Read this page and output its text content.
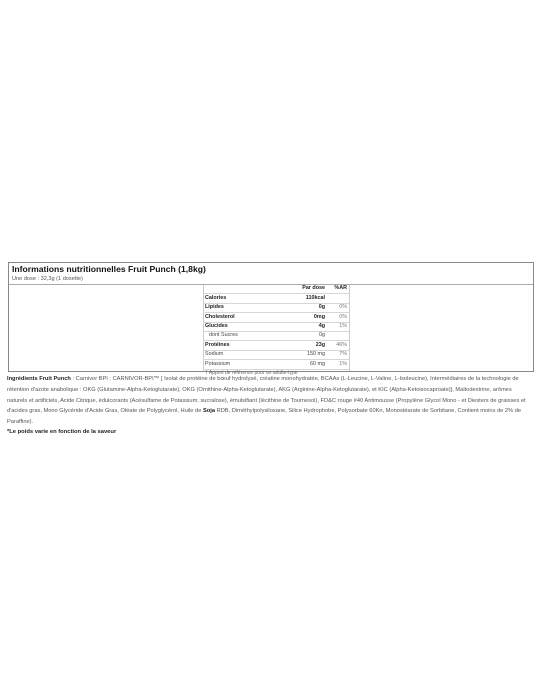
Informations nutritionnelles Fruit Punch (1,8kg)
Une dose : 32,3g (1 dosette)
	Par dose	%AR
Calories	110kcal	
Lipides	0g	0%
Cholesterol	0mg	0%
Glucides	4g	1%
dont Sucres	0g	
Protéines	23g	46%
Sodium	150 mg	7%
Potassium	60 mg	1%
† Apport de référence pour un adulte-type		
Ingrédients Fruit Punch : Carnivor BPI : CARNIVOR-BPI™ [ Isolat de protéine de bœuf hydrolysé, créatine monohydratée, BCAAs (L-Leucine, L-Valine, L-Isoleucine), Intermédiaires de la technologie de rétention d'azote anabolique : OKG (Glutamine-Alpha-Ketoglutarate), OKG (Ornithine-Alpha-Ketoglutarate), AKG (Arginine-Alpha-Ketoglutarate), et KIC (Alpha-Ketoisocaproate)], Maltodextrine, arômes naturels et artificiels, Acide Citrique, édulcorants (Acésulfame de Potassium, sucralose), émulsifiant (lécithine de Tournesol), FD&C rouge #40 Antimousse (Propylène Glycol Mono - et Diesters de graisses et d'acides gras, Mono Glycéride d'Acide Gras, Oléate de Polyglycérol, Huile de Soja RDB, Diméthylpolysiloxane, Silice Hydrophobe, Polysorbate 60Kn, Monostéarate de Sorbitane, Contient moins de 2% de Paraffine).
*Le poids varie en fonction de la saveur
